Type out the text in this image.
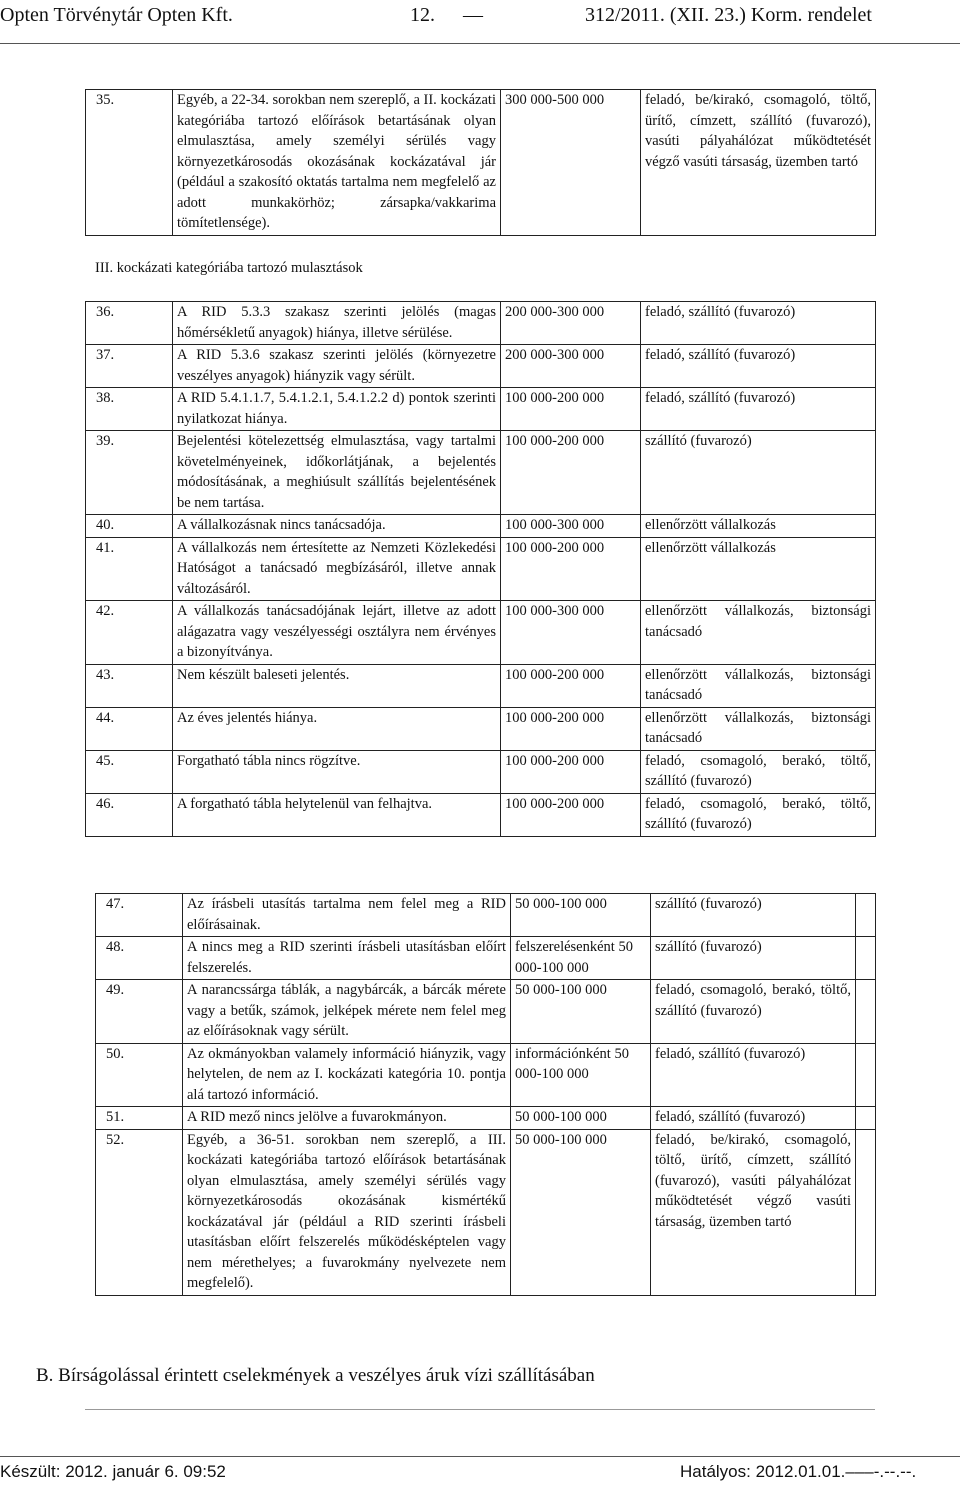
Opten Törvénytár Opten Kft.	12. —	312/2011. (XII. 23.) Korm. rendelet
35.	Egyéb, a 22-34. sorokban nem szereplő, a II. kockázati kategóriába tartozó előírások betartásának olyan elmulasztása, amely személyi sérülés vagy környezetkárosodás okozásának kockázatával jár (például a szakosító oktatás tartalma nem megfelelő az adott munkakörhöz; zársapka/vakkarima tömítetlensége).	300 000-500 000	feladó, be/kirakó, csomagoló, töltő, ürítő, címzett, szállító (fuvarozó), vasúti pályahálózat működtetését végző vasúti társaság, üzemben tartó
III. kockázati kategóriába tartozó mulasztások
36.	A RID 5.3.3 szakasz szerinti jelölés (magas hőmérsékletű anyagok) hiánya, illetve sérülése.	200 000-300 000	feladó, szállító (fuvarozó)
37.	A RID 5.3.6 szakasz szerinti jelölés (környezetre veszélyes anyagok) hiányzik vagy sérült.	200 000-300 000	feladó, szállító (fuvarozó)
38.	A RID 5.4.1.1.7, 5.4.1.2.1, 5.4.1.2.2 d) pontok szerinti nyilatkozat hiánya.	100 000-200 000	feladó, szállító (fuvarozó)
39.	Bejelentési kötelezettség elmulasztása, vagy tartalmi követelményeinek, időkorlátjának, a bejelentés módosításának, a meghiúsult szállítás bejelentésének be nem tartása.	100 000-200 000	szállító (fuvarozó)
40.	A vállalkozásnak nincs tanácsadója.	100 000-300 000	ellenőrzött vállalkozás
41.	A vállalkozás nem értesítette az Nemzeti Közlekedési Hatóságot a tanácsadó megbízásáról, illetve annak változásáról.	100 000-200 000	ellenőrzött vállalkozás
42.	A vállalkozás tanácsadójának lejárt, illetve az adott alágazatra vagy veszélyességi osztályra nem érvényes a bizonyítványa.	100 000-300 000	ellenőrzött vállalkozás, biztonsági tanácsadó
43.	Nem készült baleseti jelentés.	100 000-200 000	ellenőrzött vállalkozás, biztonsági tanácsadó
44.	Az éves jelentés hiánya.	100 000-200 000	ellenőrzött vállalkozás, biztonsági tanácsadó
45.	Forgatható tábla nincs rögzítve.	100 000-200 000	feladó, csomagoló, berakó, töltő, szállító (fuvarozó)
46.	A forgatható tábla helytelenül van felhajtva.	100 000-200 000	feladó, csomagoló, berakó, töltő, szállító (fuvarozó)
47.	Az írásbeli utasítás tartalma nem felel meg a RID előírásainak.	50 000-100 000	szállító (fuvarozó)	
48.	A nincs meg a RID szerinti írásbeli utasításban előírt felszerelés.	felszerelésenként 50 000-100 000	szállító (fuvarozó)	
49.	A narancssárga táblák, a nagybárcák, a bárcák mérete vagy a betűk, számok, jelképek mérete nem felel meg az előírásoknak vagy sérült.	50 000-100 000	feladó, csomagoló, berakó, töltő, szállító (fuvarozó)	
50.	Az okmányokban valamely információ hiányzik, vagy helytelen, de nem az I. kockázati kategória 10. pontja alá tartozó információ.	információnként 50 000-100 000	feladó, szállító (fuvarozó)	
51.	A RID mező nincs jelölve a fuvarokmányon.	50 000-100 000	feladó, szállító (fuvarozó)	
52.	Egyéb, a 36-51. sorokban nem szereplő, a III. kockázati kategóriába tartozó előírások betartásának olyan elmulasztása, amely személyi sérülés vagy környezetkárosodás okozásának kismértékű kockázatával jár (például a RID szerinti írásbeli utasításban előírt felszerelés működésképtelen vagy nem mérethelyes; a fuvarokmány nyelvezete nem megfelelő).	50 000-100 000	feladó, be/kirakó, csomagoló, töltő, ürítő, címzett, szállító (fuvarozó), vasúti pályahálózat működtetését végző vasúti társaság, üzemben tartó	
B. Bírságolással érintett cselekmények a veszélyes áruk vízi szállításában
Készült: 2012. január 6. 09:52	Hatályos: 2012.01.01.–––-.--.--.
